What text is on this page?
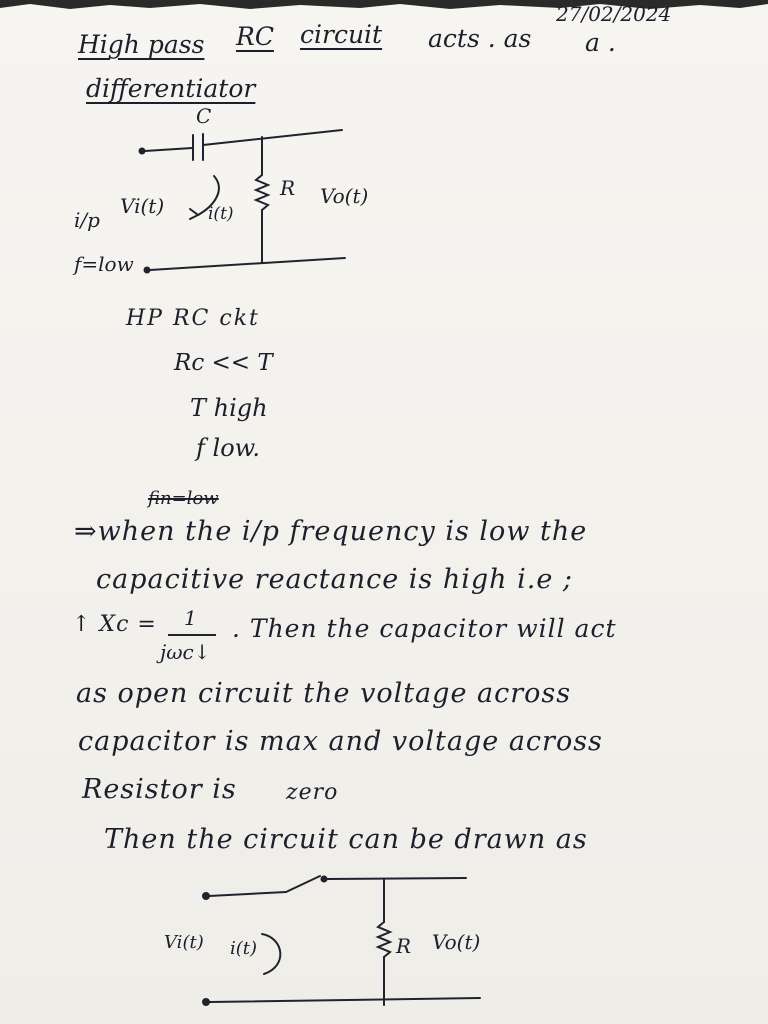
27/02/2024
High pass RC circuit acts . as a .
differentiator
C
R
Vi(t)	i(t)
Vo(t)
i/p
f=low
HP RC ckt
Rc << T
T high
f low.
fin=low
⇒when the i/p frequency is low the
capacitive reactance is high i.e ;
↑ Xc = 1
jωc↓
. Then the capacitor will act
as open circuit the voltage across
capacitor is max and voltage across
Resistor is zero
Then the circuit can be drawn as
Vi(t) i(t)	R Vo(t)
